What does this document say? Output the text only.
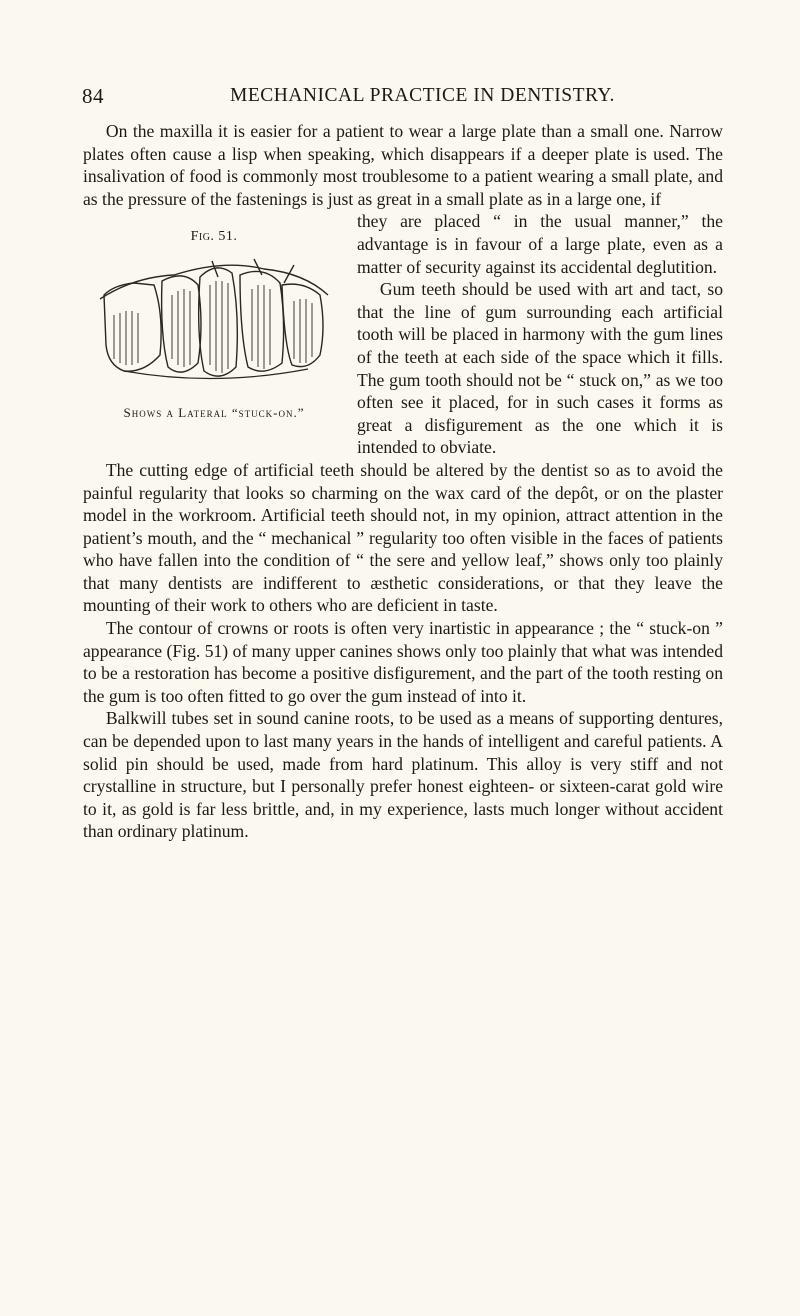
84	MECHANICAL PRACTICE IN DENTISTRY.

On the maxilla it is easier for a patient to wear a large plate than a small one. Narrow plates often cause a lisp when speaking, which disappears if a deeper plate is used. The insalivation of food is commonly most troublesome to a patient wearing a small plate, and as the pressure of the fastenings is just as great in a small plate as in a large one, if

Fig. 51.
Shows a Lateral “stuck-on.”

they are placed “ in the usual manner,” the advantage is in favour of a large plate, even as a matter of security against its accidental deglutition.

Gum teeth should be used with art and tact, so that the line of gum surrounding each artificial tooth will be placed in harmony with the gum lines of the teeth at each side of the space which it fills. The gum tooth should not be “ stuck on,” as we too often see it placed, for in such cases it forms as great a disfigurement as the one which it is intended to obviate.

The cutting edge of artificial teeth should be altered by the dentist so as to avoid the painful regularity that looks so charming on the wax card of the depôt, or on the plaster model in the workroom. Artificial teeth should not, in my opinion, attract attention in the patient’s mouth, and the “ mechanical ” regularity too often visible in the faces of patients who have fallen into the condition of “ the sere and yellow leaf,” shows only too plainly that many dentists are indifferent to æsthetic considerations, or that they leave the mounting of their work to others who are deficient in taste.

The contour of crowns or roots is often very inartistic in appearance ; the “ stuck-on ” appearance (Fig. 51) of many upper canines shows only too plainly that what was intended to be a restoration has become a positive disfigurement, and the part of the tooth resting on the gum is too often fitted to go over the gum instead of into it.

Balkwill tubes set in sound canine roots, to be used as a means of supporting dentures, can be depended upon to last many years in the hands of intelligent and careful patients. A solid pin should be used, made from hard platinum. This alloy is very stiff and not crystalline in structure, but I personally prefer honest eighteen- or sixteen-carat gold wire to it, as gold is far less brittle, and, in my experience, lasts much longer without accident than ordinary platinum.
